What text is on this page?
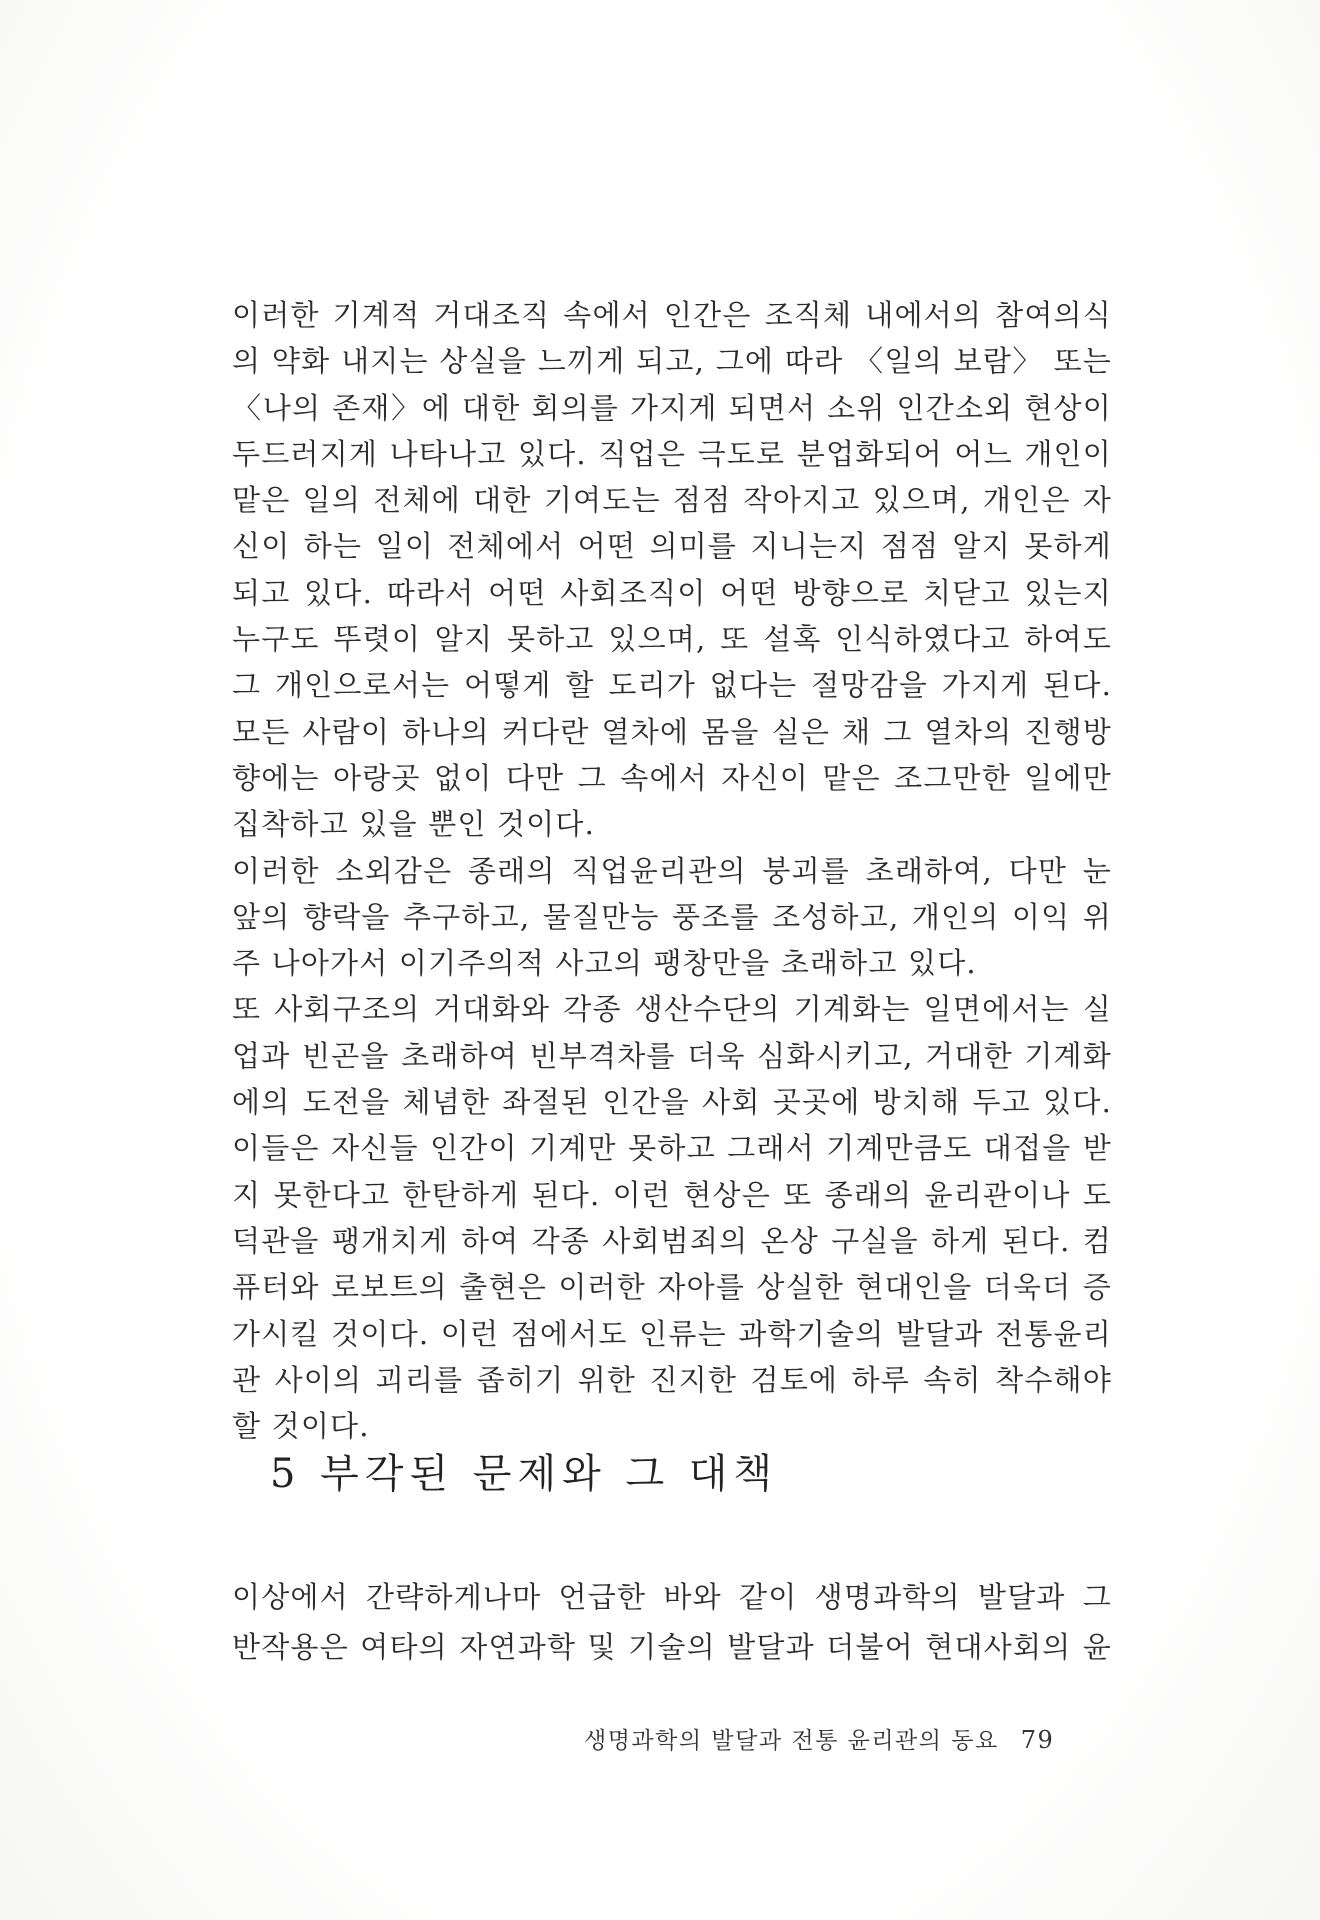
이러한 기계적 거대조직 속에서 인간은 조직체 내에서의 참여의식
의 약화 내지는 상실을 느끼게 되고, 그에 따라 〈일의 보람〉 또는
〈나의 존재〉에 대한 회의를 가지게 되면서 소위 인간소외 현상이
두드러지게 나타나고 있다. 직업은 극도로 분업화되어 어느 개인이
맡은 일의 전체에 대한 기여도는 점점 작아지고 있으며, 개인은 자
신이 하는 일이 전체에서 어떤 의미를 지니는지 점점 알지 못하게
되고 있다. 따라서 어떤 사회조직이 어떤 방향으로 치닫고 있는지
누구도 뚜렷이 알지 못하고 있으며, 또 설혹 인식하였다고 하여도
그 개인으로서는 어떻게 할 도리가 없다는 절망감을 가지게 된다.
모든 사람이 하나의 커다란 열차에 몸을 실은 채 그 열차의 진행방
향에는 아랑곳 없이 다만 그 속에서 자신이 맡은 조그만한 일에만
집착하고 있을 뿐인 것이다.
이러한 소외감은 종래의 직업윤리관의 붕괴를 초래하여, 다만 눈
앞의 향락을 추구하고, 물질만능 풍조를 조성하고, 개인의 이익 위
주 나아가서 이기주의적 사고의 팽창만을 초래하고 있다.
또 사회구조의 거대화와 각종 생산수단의 기계화는 일면에서는 실
업과 빈곤을 초래하여 빈부격차를 더욱 심화시키고, 거대한 기계화
에의 도전을 체념한 좌절된 인간을 사회 곳곳에 방치해 두고 있다.
이들은 자신들 인간이 기계만 못하고 그래서 기계만큼도 대접을 받
지 못한다고 한탄하게 된다. 이런 현상은 또 종래의 윤리관이나 도
덕관을 팽개치게 하여 각종 사회범죄의 온상 구실을 하게 된다. 컴
퓨터와 로보트의 출현은 이러한 자아를 상실한 현대인을 더욱더 증
가시킬 것이다. 이런 점에서도 인류는 과학기술의 발달과 전통윤리
관 사이의 괴리를 좁히기 위한 진지한 검토에 하루 속히 착수해야
할 것이다.
5 부각된 문제와 그 대책
이상에서 간략하게나마 언급한 바와 같이 생명과학의 발달과 그
반작용은 여타의 자연과학 및 기술의 발달과 더불어 현대사회의 윤
생명과학의 발달과 전통 윤리관의 동요 79
